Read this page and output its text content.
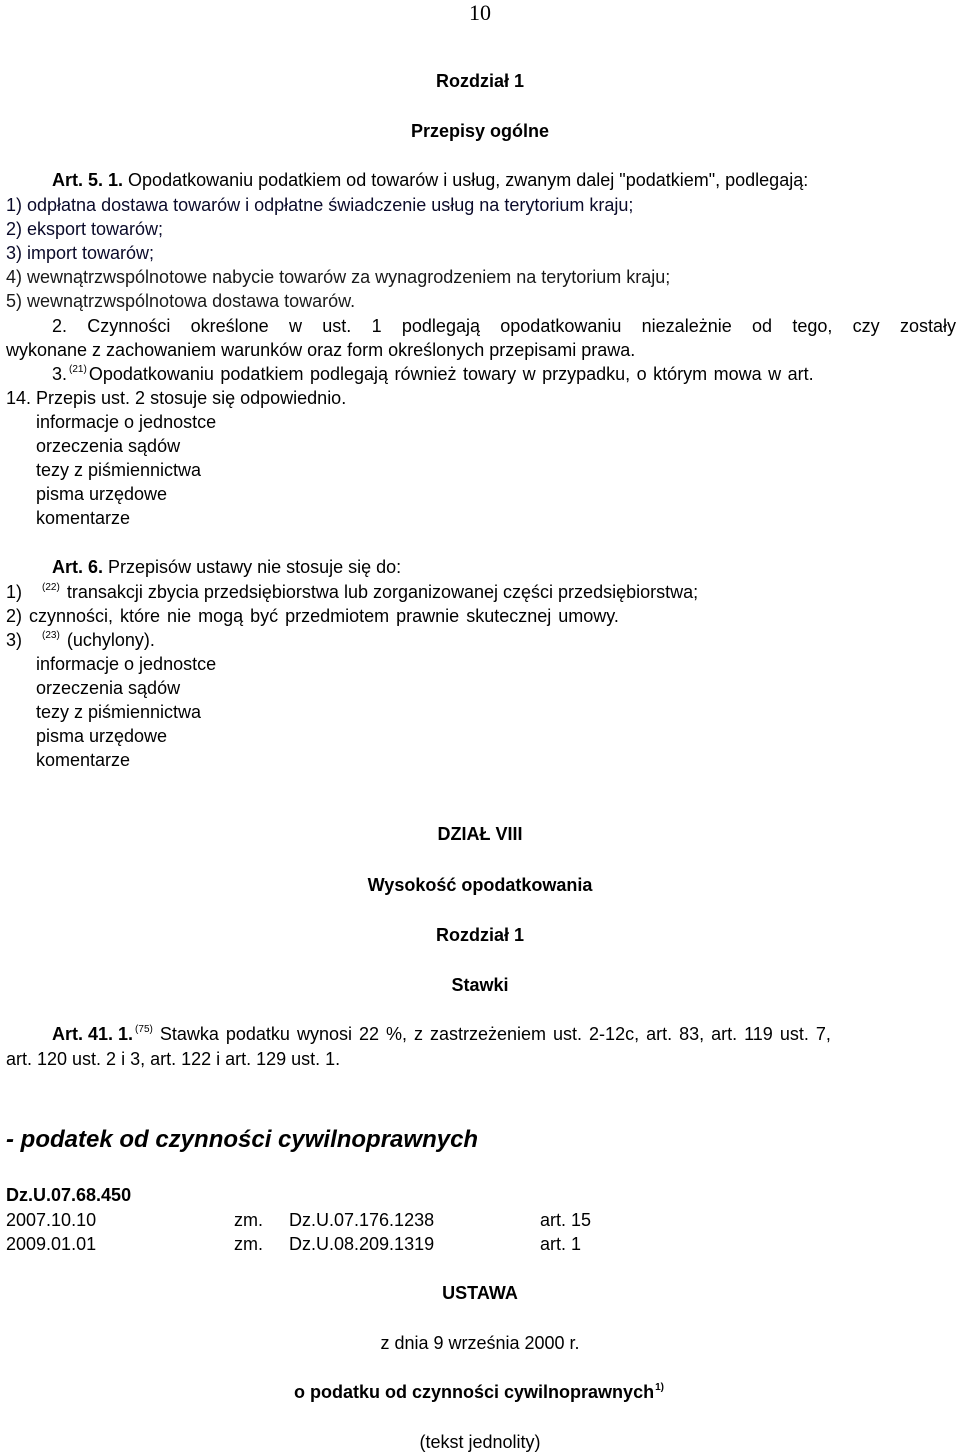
10
Rozdział 1
Przepisy ogólne
Art. 5. 1. Opodatkowaniu podatkiem od towarów i usług, zwanym dalej "podatkiem", podlegają:
1) odpłatna dostawa towarów i odpłatne świadczenie usług na terytorium kraju;
2) eksport towarów;
3) import towarów;
4) wewnątrzwspólnotowe nabycie towarów za wynagrodzeniem na terytorium kraju;
5) wewnątrzwspólnotowa dostawa towarów.
2. Czynności określone w ust. 1 podlegają opodatkowaniu niezależnie od tego, czy zostały
wykonane z zachowaniem warunków oraz form określonych przepisami prawa.
3. $^{(21)}$ Opodatkowaniu podatkiem podlegają również towary w przypadku, o którym mowa w art.
14. Przepis ust. 2 stosuje się odpowiednio.
informacje o jednostce
orzeczenia sądów
tezy z piśmiennictwa
pisma urzędowe
komentarze
Art. 6. Przepisów ustawy nie stosuje się do:
1) $^{(22)}$ transakcji zbycia przedsiębiorstwa lub zorganizowanej części przedsiębiorstwa;
2) czynności, które nie mogą być przedmiotem prawnie skutecznej umowy.
3) $^{(23)}$ (uchylony).
informacje o jednostce
orzeczenia sądów
tezy z piśmiennictwa
pisma urzędowe
komentarze
DZIAŁ VIII
Wysokość opodatkowania
Rozdział 1
Stawki
Art. 41. 1. $^{(75)}$ Stawka podatku wynosi 22 %, z zastrzeżeniem ust. 2-12c, art. 83, art. 119 ust. 7,
art. 120 ust. 2 i 3, art. 122 i art. 129 ust. 1.
- podatek od czynności cywilnoprawnych
Dz.U.07.68.450
2007.10.10	zm. Dz.U.07.176.1238	art. 15
2009.01.01	zm. Dz.U.08.209.1319	art. 1
USTAWA
z dnia 9 września 2000 r.
o podatku od czynności cywilnoprawnych$^{1)}$
(tekst jednolity)
